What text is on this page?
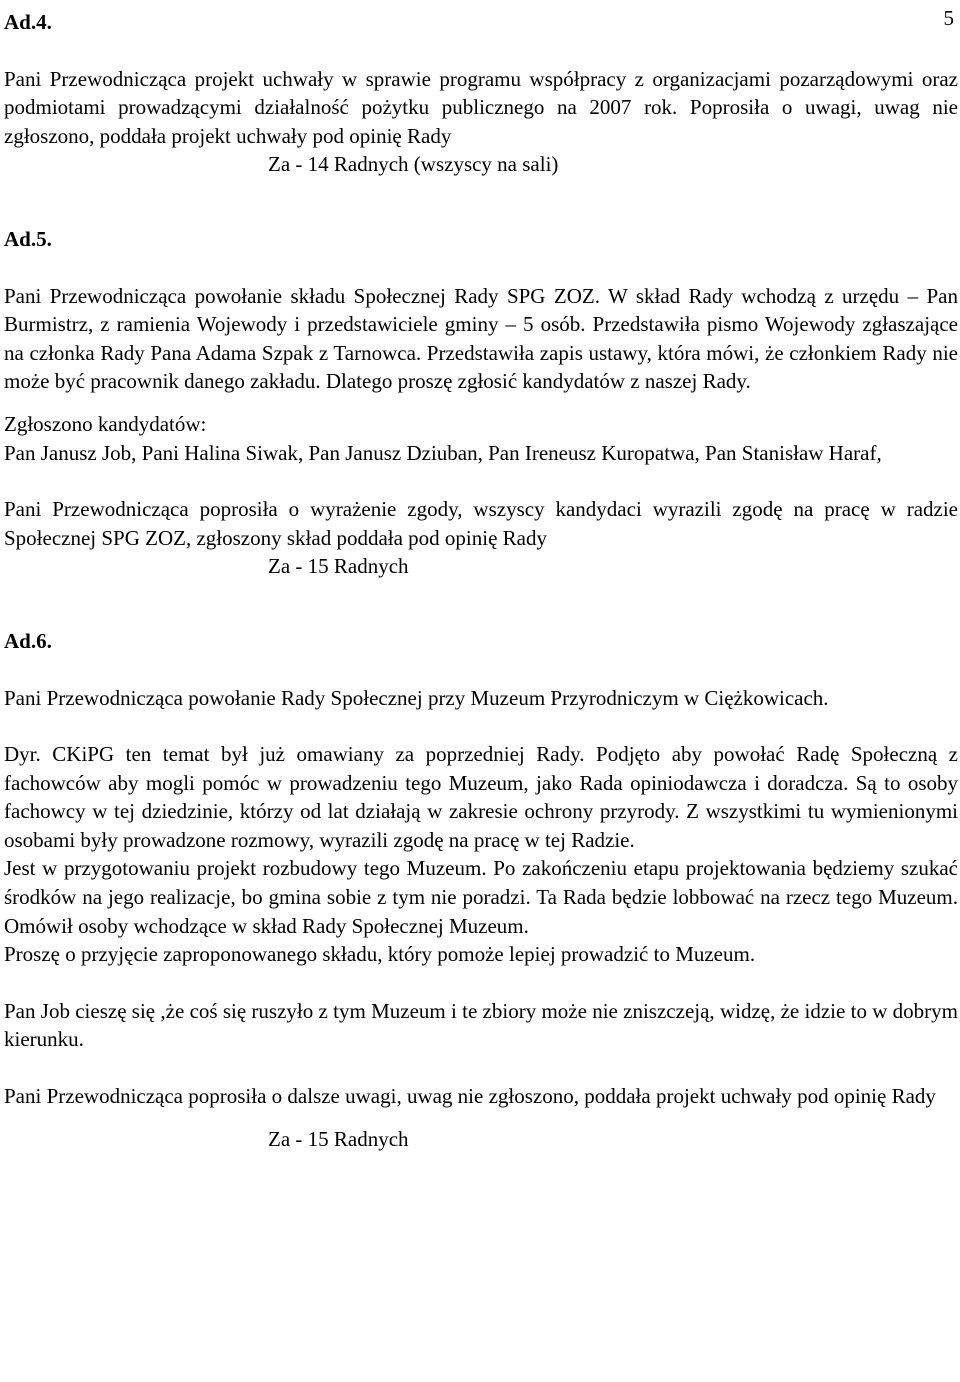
5
Ad.4.

Pani Przewodnicząca projekt uchwały w sprawie programu współpracy z organizacjami pozarządowymi oraz podmiotami prowadzącymi działalność pożytku publicznego na 2007 rok. Poprosiła o uwagi, uwag nie zgłoszono, poddała projekt uchwały pod opinię Rady

Za - 14 Radnych (wszyscy na sali)

Ad.5.

Pani Przewodnicząca powołanie składu Społecznej Rady SPG ZOZ. W skład Rady wchodzą z urzędu – Pan Burmistrz, z ramienia Wojewody i przedstawiciele gminy – 5 osób. Przedstawiła pismo Wojewody zgłaszające na członka Rady Pana Adama Szpak z Tarnowca. Przedstawiła zapis ustawy, która mówi, że członkiem Rady nie może być pracownik danego zakładu. Dlatego proszę zgłosić kandydatów z naszej Rady.

Zgłoszono kandydatów:

Pan Janusz Job, Pani Halina Siwak, Pan Janusz Dziuban, Pan Ireneusz Kuropatwa, Pan Stanisław Haraf,

Pani Przewodnicząca poprosiła o wyrażenie zgody, wszyscy kandydaci wyrazili zgodę na pracę w radzie Społecznej SPG ZOZ, zgłoszony skład poddała pod opinię Rady

Za - 15 Radnych

Ad.6.

Pani Przewodnicząca powołanie Rady Społecznej przy Muzeum Przyrodniczym w Ciężkowicach.

Dyr. CKiPG ten temat był już omawiany za poprzedniej Rady. Podjęto aby powołać Radę Społeczną z fachowców aby mogli pomóc w prowadzeniu tego Muzeum, jako Rada opiniodawcza i doradcza. Są to osoby fachowcy w tej dziedzinie, którzy od lat działają w zakresie ochrony przyrody. Z wszystkimi tu wymienionymi osobami były prowadzone rozmowy, wyrazili zgodę na pracę w tej Radzie.

Jest w przygotowaniu projekt rozbudowy tego Muzeum. Po zakończeniu etapu projektowania będziemy szukać środków na jego realizacje, bo gmina sobie z tym nie poradzi. Ta Rada będzie lobbować na rzecz tego Muzeum. Omówił osoby wchodzące w skład Rady Społecznej Muzeum.

Proszę o przyjęcie zaproponowanego składu, który pomoże lepiej prowadzić to Muzeum.

Pan Job cieszę się ,że coś się ruszyło z tym Muzeum i te zbiory może nie zniszczeją, widzę, że idzie to w dobrym kierunku.

Pani Przewodnicząca poprosiła o dalsze uwagi, uwag nie zgłoszono, poddała projekt uchwały pod opinię Rady

Za - 15 Radnych
